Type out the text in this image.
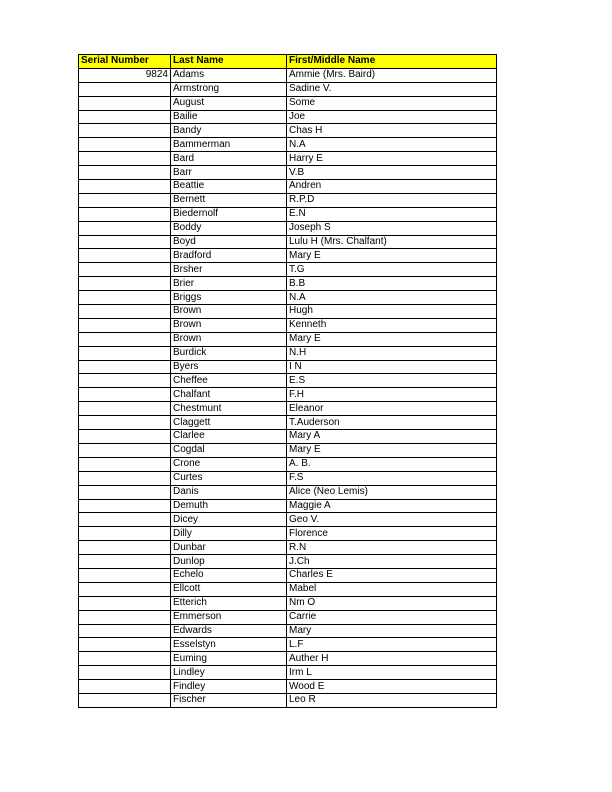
Serial Number	Last Name	First/Middle Name
9824	Adams	Ammie (Mrs. Baird)
	Armstrong	Sadine V.
	August	Some
	Bailie	Joe
	Bandy	Chas H
	Bammerman	N.A
	Bard	Harry E
	Barr	V.B
	Beattie	Andren
	Bernett	R.P.D
	Biedernolf	E.N
	Boddy	Joseph S
	Boyd	Lulu H (Mrs. Chalfant)
	Bradford	Mary E
	Brsher	T.G
	Brier	B.B
	Briggs	N.A
	Brown	Hugh
	Brown	Kenneth
	Brown	Mary E
	Burdick	N.H
	Byers	I N
	Cheffee	E.S
	Chalfant	F.H
	Chestmunt	Eleanor
	Claggett	T.Auderson
	Clarlee	Mary A
	Cogdal	Mary E
	Crone	A. B.
	Curtes	F.S
	Danis	Alice (Neo Lemis)
	Demuth	Maggie A
	Dicey	Geo V.
	Dilly	Florence
	Dunbar	R.N
	Dunlop	J.Ch
	Echelo	Charles E
	Ellcott	Mabel
	Etterich	Nm O
	Emmerson	Carrie
	Edwards	Mary
	Esselstyn	L.F
	Euming	Auther H
	Lindley	Irm L
	Findley	Wood E
	Fischer	Leo R
